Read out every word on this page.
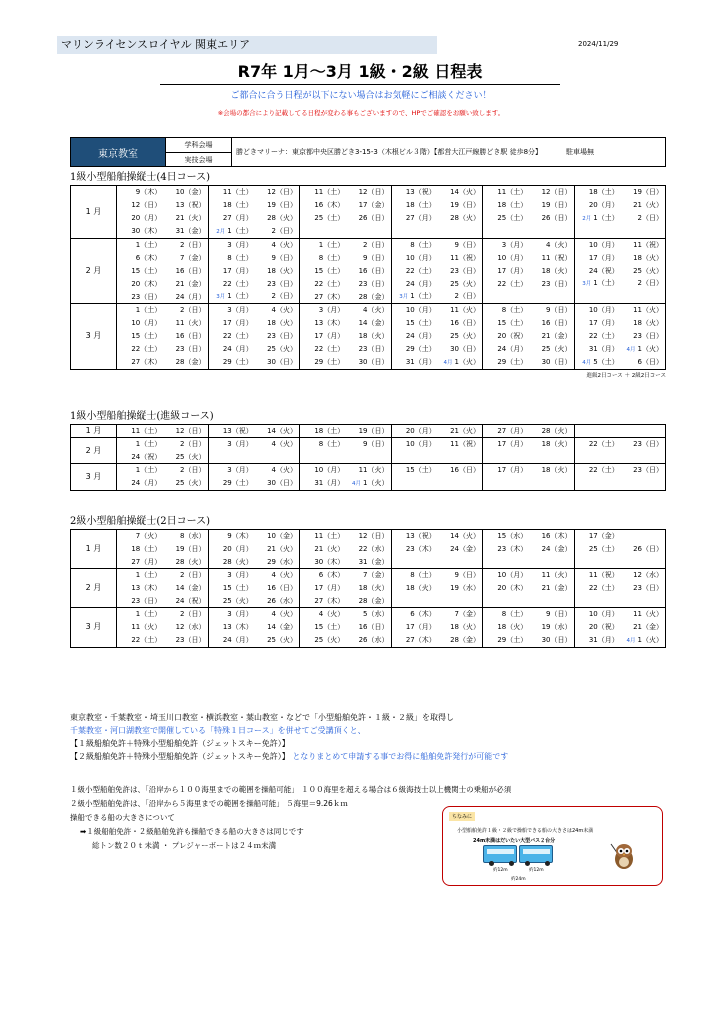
マリンライセンスロイヤル 関東エリア	2024/11/29
R7年 1月～3月 1級・2級 日程表
ご都合に合う日程が以下にない場合はお気軽にご相談ください！
※会場の都合により記載してる日程が変わる事もございますので、HPでご確認をお願い致します。
東京教室
学科会場
実技会場
勝どきマリーナ：東京都中央区勝どき3-15-3（木根ビル３階）【都営大江戸線勝どき駅 徒歩8分】	駐車場無
1級小型船舶操縦士(4日コース)
1 月	9（木） 10（金）	11（土） 12（日）	11（土） 12（日）	13（祝） 14（火）	11（土） 12（日）	18（土） 19（日）
	12（日） 13（祝）	18（土） 19（日）	16（木） 17（金）	18（土） 19（日）	18（土） 19（日）	20（月） 21（火）
	20（月） 21（火）	27（月） 28（火）	25（土） 26（日）	27（月） 28（火）	25（土） 26（日）	2月 1（土） 2（日）
	30（木） 31（金）	2月 1（土） 2（日）				
2 月	1（土） 2（日）	3（月） 4（火）	1（土） 2（日）	8（土） 9（日）	3（月） 4（火）	10（月） 11（祝）
	6（木） 7（金）	8（土） 9（日）	8（土） 9（日）	10（月） 11（祝）	10（月） 11（祝）	17（月） 18（火）
	15（土） 16（日）	17（月） 18（火）	15（土） 16（日）	22（土） 23（日）	17（月） 18（火）	24（祝） 25（火）
	20（木） 21（金）	22（土） 23（日）	22（土） 23（日）	24（月） 25（火）	22（土） 23（日）	3月 1（土） 2（日）
	23（日） 24（月）	3月 1（土） 2（日）	27（木） 28（金）	3月 1（土） 2（日）		
3 月	1（土） 2（日）	3（月） 4（火）	3（月） 4（火）	10（月） 11（火）	8（土） 9（日）	10（月） 11（火）
	10（月） 11（火）	17（月） 18（火）	13（木） 14（金）	15（土） 16（日）	15（土） 16（日）	17（月） 18（火）
	15（土） 16（日）	22（土） 23（日）	17（月） 18（火）	24（月） 25（火）	20（祝） 21（金）	22（土） 23（日）
	22（土） 23（日）	24（月） 25（火）	22（土） 23（日）	29（土） 30（日）	24（月） 25（火）	31（月） 4月 1（火）
	27（木） 28（金）	29（土） 30（日）	29（土） 30（日）	31（月） 4月 1（火）	29（土） 30（日）	4月 5（土） 6（日）
進級2日コース ＋ 2級2日コース
1級小型船舶操縦士(進級コース)
1 月	11（土） 12（日）	13（祝） 14（火）	18（土） 19（日）	20（月） 21（火）	27（月） 28（火）	
2 月	1（土） 2（日）	3（月） 4（火）	8（土） 9（日）	10（月） 11（祝）	17（月） 18（火）	22（土） 23（日）
	24（祝） 25（火）					
3 月	1（土） 2（日）	3（月） 4（火）	10（月） 11（火）	15（土） 16（日）	17（月） 18（火）	22（土） 23（日）
	24（月） 25（火）	29（土） 30（日）	31（月） 4月 1（火）			
2級小型船舶操縦士(2日コース)
1 月	7（火） 8（水）	9（木） 10（金）	11（土） 12（日）	13（祝） 14（火）	15（水） 16（木）	17（金）
	18（土） 19（日）	20（月） 21（火）	21（火） 22（水）	23（木） 24（金）	23（木） 24（金）	25（土） 26（日）
	27（月） 28（火）	28（火） 29（水）	30（木） 31（金）			
2 月	1（土） 2（日）	3（月） 4（火）	6（木） 7（金）	8（土） 9（日）	10（月） 11（火）	11（祝） 12（水）
	13（木） 14（金）	15（土） 16（日）	17（月） 18（火）	18（火） 19（水）	20（木） 21（金）	22（土） 23（日）
	23（日） 24（祝）	25（火） 26（水）	27（木） 28（金）			
3 月	1（土） 2（日）	3（月） 4（火）	4（火） 5（水）	6（木） 7（金）	8（土） 9（日）	10（月） 11（火）
	11（火） 12（水）	13（木） 14（金）	15（土） 16（日）	17（月） 18（火）	18（火） 19（水）	20（祝） 21（金）
	22（土） 23（日）	24（月） 25（火）	25（火） 26（水）	27（木） 28（金）	29（土） 30（日）	31（月） 4月 1（火）
東京教室・千葉教室・埼玉川口教室・横浜教室・葉山教室・などで「小型船舶免許・１級・２級」を取得し
千葉教室・河口湖教室で開催している「特殊１日コース」を併せてご受講頂くと、
【１級船舶免許＋特殊小型船舶免許（ジェットスキー免許）】
【２級船舶免許＋特殊小型船舶免許（ジェットスキー免許）】 となりまとめて申請する事でお得に船舶免許発行が可能です
１級小型船舶免許は、「沿岸から１００海里までの範囲を操船可能」 １００海里を超える場合は６級海技士以上機関士の乗船が必須
２級小型船舶免許は、「沿岸から５海里までの範囲を操船可能」 ５海里＝9.26ｋｍ
操船できる船の大きさについて
➡１級船舶免許・２級船舶免許も操船できる船の大きさは同じです
総トン数２０ｔ未満 ・ プレジャーボートは２４ｍ未満
ちなみに
小型船舶免許１級・２級で操船できる船の大きさは24m未満
24m未満はだいたい大型バス２台分
約12m	約12m
約24m
